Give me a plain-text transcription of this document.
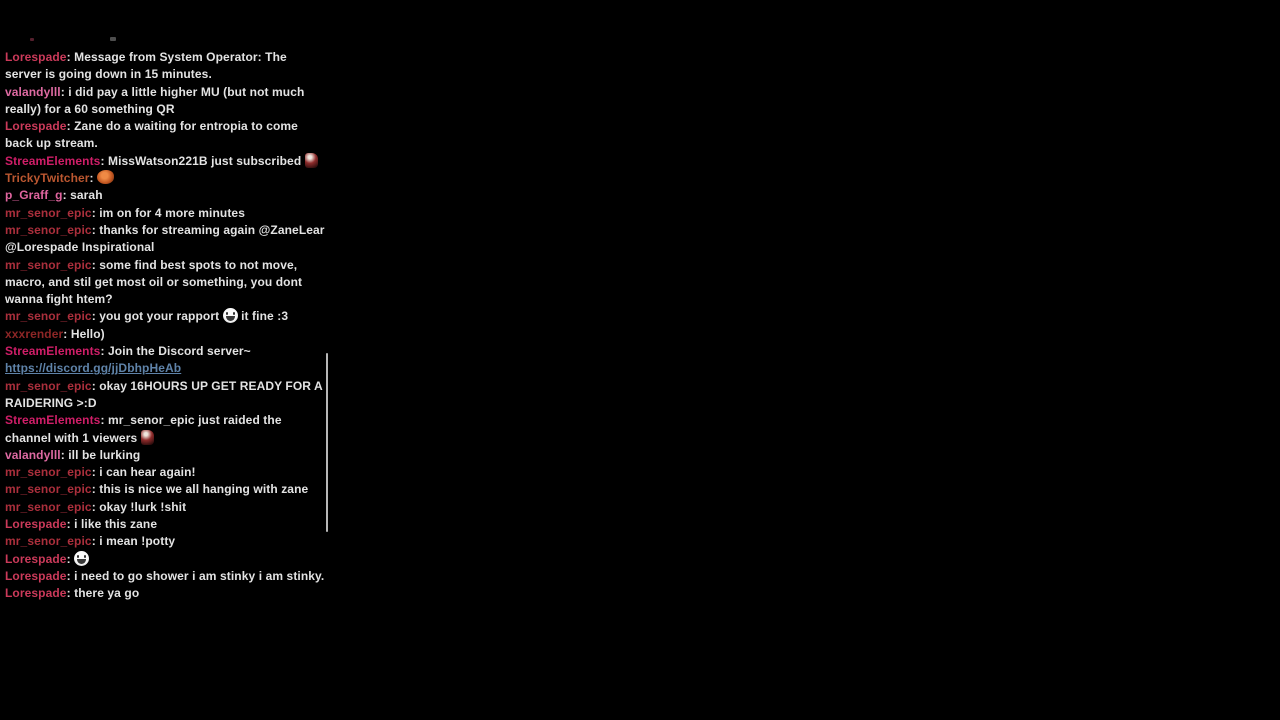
Lorespade: Message from System Operator: The server is going down in 15 minutes.
valandylll: i did pay a little higher MU (but not much really) for a 60 something QR
Lorespade: Zane do a waiting for entropia to come back up stream.
StreamElements: MissWatson221B just subscribed
TrickyTwitcher:
p_Graff_g: sarah
mr_senor_epic: im on for 4 more minutes
mr_senor_epic: thanks for streaming again @ZaneLear @Lorespade Inspirational
mr_senor_epic: some find best spots to not move, macro, and stil get most oil or something, you dont wanna fight htem?
mr_senor_epic: you got your rapport  it fine :3
xxxrender: Hello)
StreamElements: Join the Discord server~ https://discord.gg/jjDbhpHeAb
mr_senor_epic: okay 16HOURS UP GET READY FOR A RAIDERING >:D
StreamElements: mr_senor_epic just raided the channel with 1 viewers
valandylll: ill be lurking
mr_senor_epic: i can hear again!
mr_senor_epic: this is nice we all hanging with zane
mr_senor_epic: okay !lurk !shit
Lorespade: i like this zane
mr_senor_epic: i mean !potty
Lorespade:
Lorespade: i need to go shower i am stinky i am stinky.
Lorespade: there ya go
